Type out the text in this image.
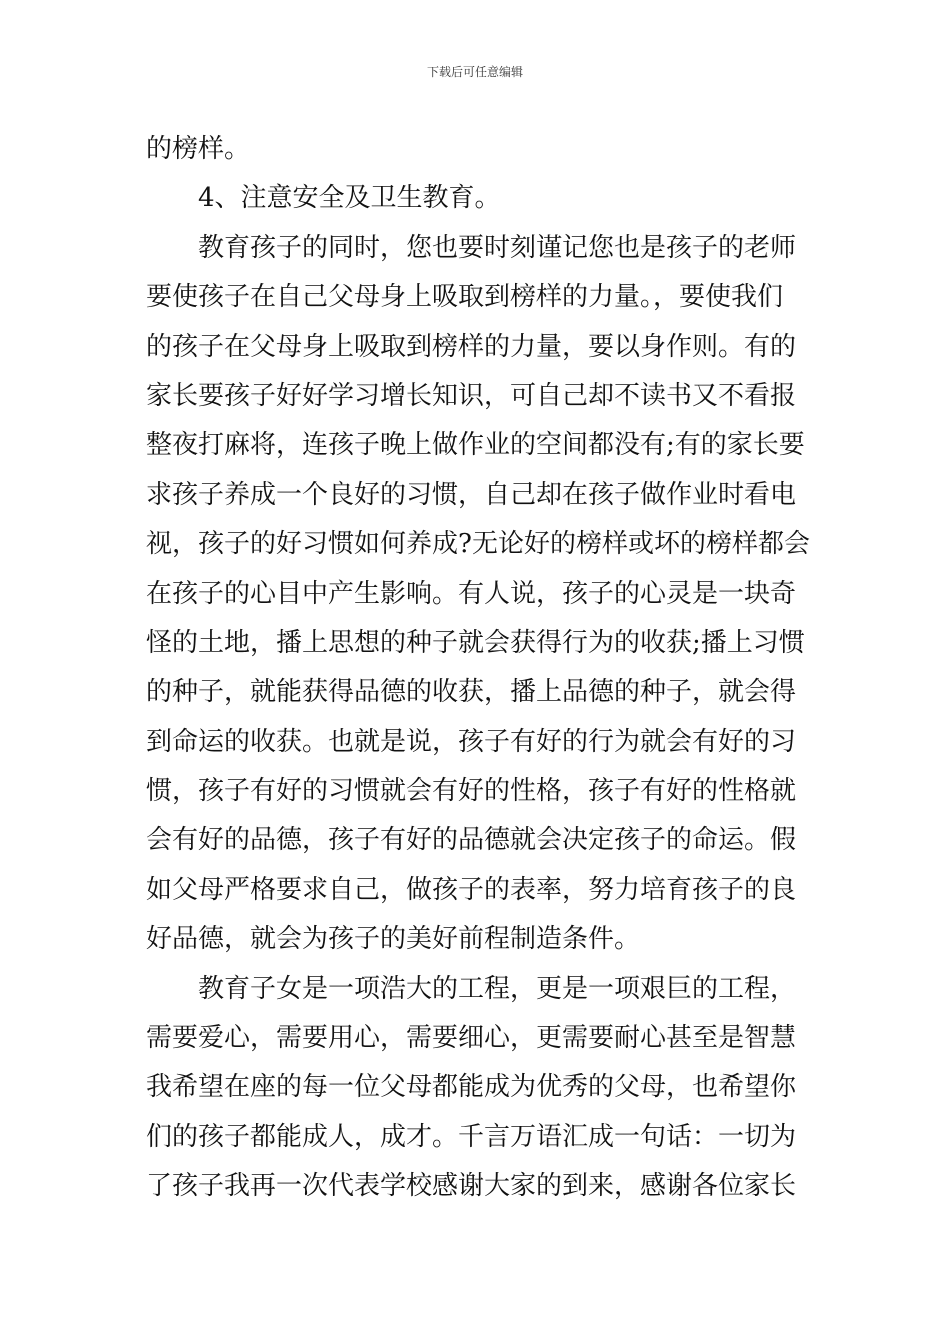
下载后可任意编辑
的榜样。
4、注意安全及卫生教育。
教育孩子的同时，您也要时刻谨记您也是孩子的老师
要使孩子在自己父母身上吸取到榜样的力量。，要使我们
的孩子在父母身上吸取到榜样的力量，要以身作则。有的
家长要孩子好好学习增长知识，可自己却不读书又不看报
整夜打麻将，连孩子晚上做作业的空间都没有;有的家长要
求孩子养成一个良好的习惯，自己却在孩子做作业时看电
视，孩子的好习惯如何养成?无论好的榜样或坏的榜样都会
在孩子的心目中产生影响。有人说，孩子的心灵是一块奇
怪的土地，播上思想的种子就会获得行为的收获;播上习惯
的种子，就能获得品德的收获，播上品德的种子，就会得
到命运的收获。也就是说，孩子有好的行为就会有好的习
惯，孩子有好的习惯就会有好的性格，孩子有好的性格就
会有好的品德，孩子有好的品德就会决定孩子的命运。假
如父母严格要求自己，做孩子的表率，努力培育孩子的良
好品德，就会为孩子的美好前程制造条件。
教育子女是一项浩大的工程，更是一项艰巨的工程，
需要爱心，需要用心，需要细心，更需要耐心甚至是智慧
我希望在座的每一位父母都能成为优秀的父母，也希望你
们的孩子都能成人，成才。千言万语汇成一句话：一切为
了孩子我再一次代表学校感谢大家的到来，感谢各位家长
